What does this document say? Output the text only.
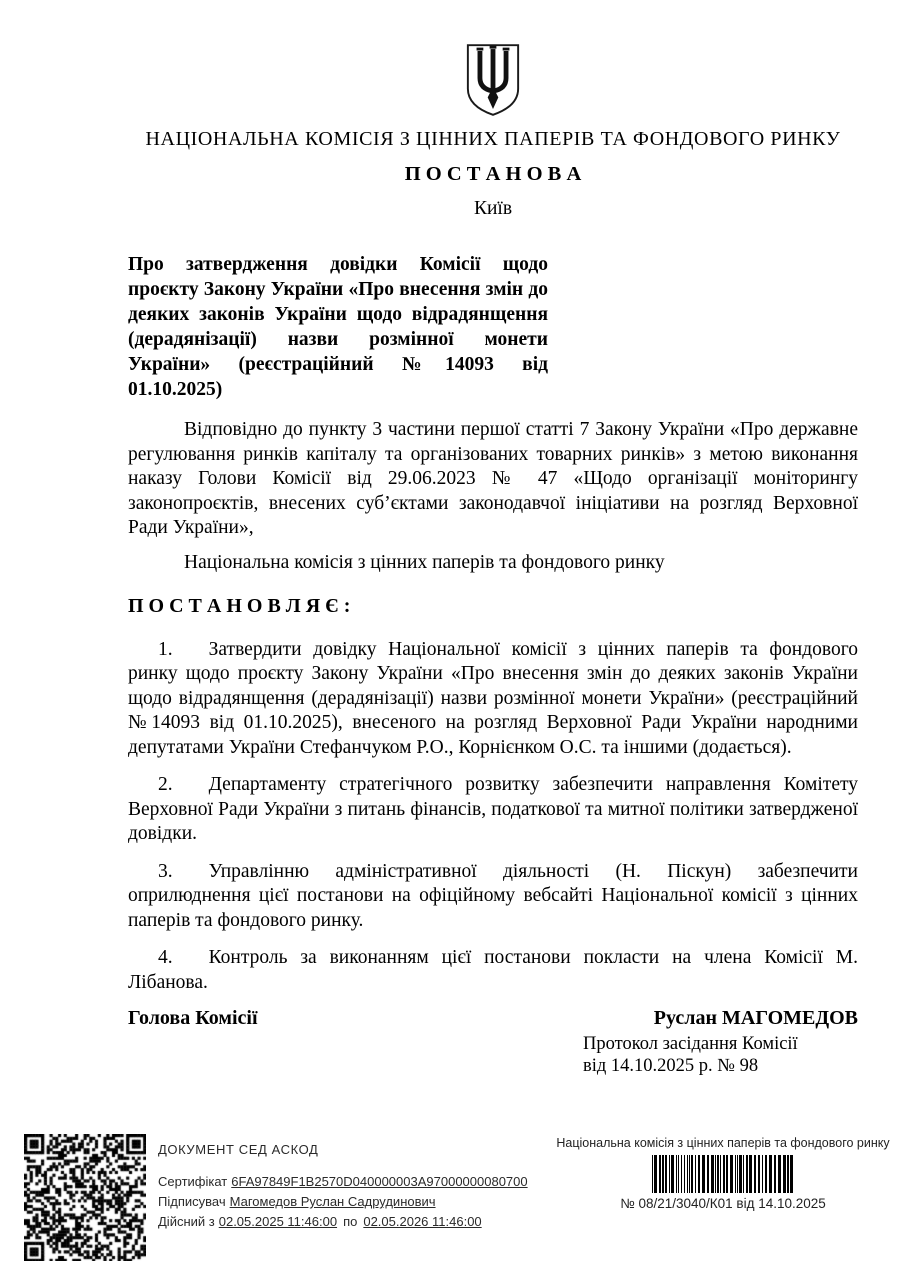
НАЦІОНАЛЬНА КОМІСІЯ З ЦІННИХ ПАПЕРІВ ТА ФОНДОВОГО РИНКУ
П О С Т А Н О В А
Київ
Про затвердження довідки Комісії щодо проєкту Закону України «Про внесення змін до деяких законів України щодо відрадянщення (дерадянізації) назви розмінної монети України» (реєстраційний №14093 від 01.10.2025)

Відповідно до пункту 3 частини першої статті 7 Закону України «Про державне регулювання ринків капіталу та організованих товарних ринків» з метою виконання наказу Голови Комісії від 29.06.2023 № 47 «Щодо організації моніторингу законопроєктів, внесених суб’єктами законодавчої ініціативи на розгляд Верховної Ради України»,

Національна комісія з цінних паперів та фондового ринку

П О С Т А Н О В Л Я Є :

1. Затвердити довідку Національної комісії з цінних паперів та фондового ринку щодо проєкту Закону України «Про внесення змін до деяких законів України щодо відрадянщення (дерадянізації) назви розмінної монети України» (реєстраційний №14093 від 01.10.2025), внесеного на розгляд Верховної Ради України народними депутатами України Стефанчуком Р.О., Корнієнком О.С. та іншими (додається).

2. Департаменту стратегічного розвитку забезпечити направлення Комітету Верховної Ради України з питань фінансів, податкової та митної політики затвердженої довідки.

3. Управлінню адміністративної діяльності (Н. Піскун) забезпечити оприлюднення цієї постанови на офіційному вебсайті Національної комісії з цінних паперів та фондового ринку.

4. Контроль за виконанням цієї постанови покласти на члена Комісії М. Лібанова.

Голова Комісії	Руслан МАГОМЕДОВ
Протокол засідання Комісії
від 14.10.2025 р. № 98
ДОКУМЕНТ СЕД АСКОД
Сертифікат 6FA97849F1B2570D040000003A97000000080700
Підписувач Магомедов Руслан Садрудинович
Дійсний з 02.05.2025 11:46:00 по 02.05.2026 11:46:00
Національна комісія з цінних паперів та фондового ринку
№ 08/21/3040/К01 від 14.10.2025
